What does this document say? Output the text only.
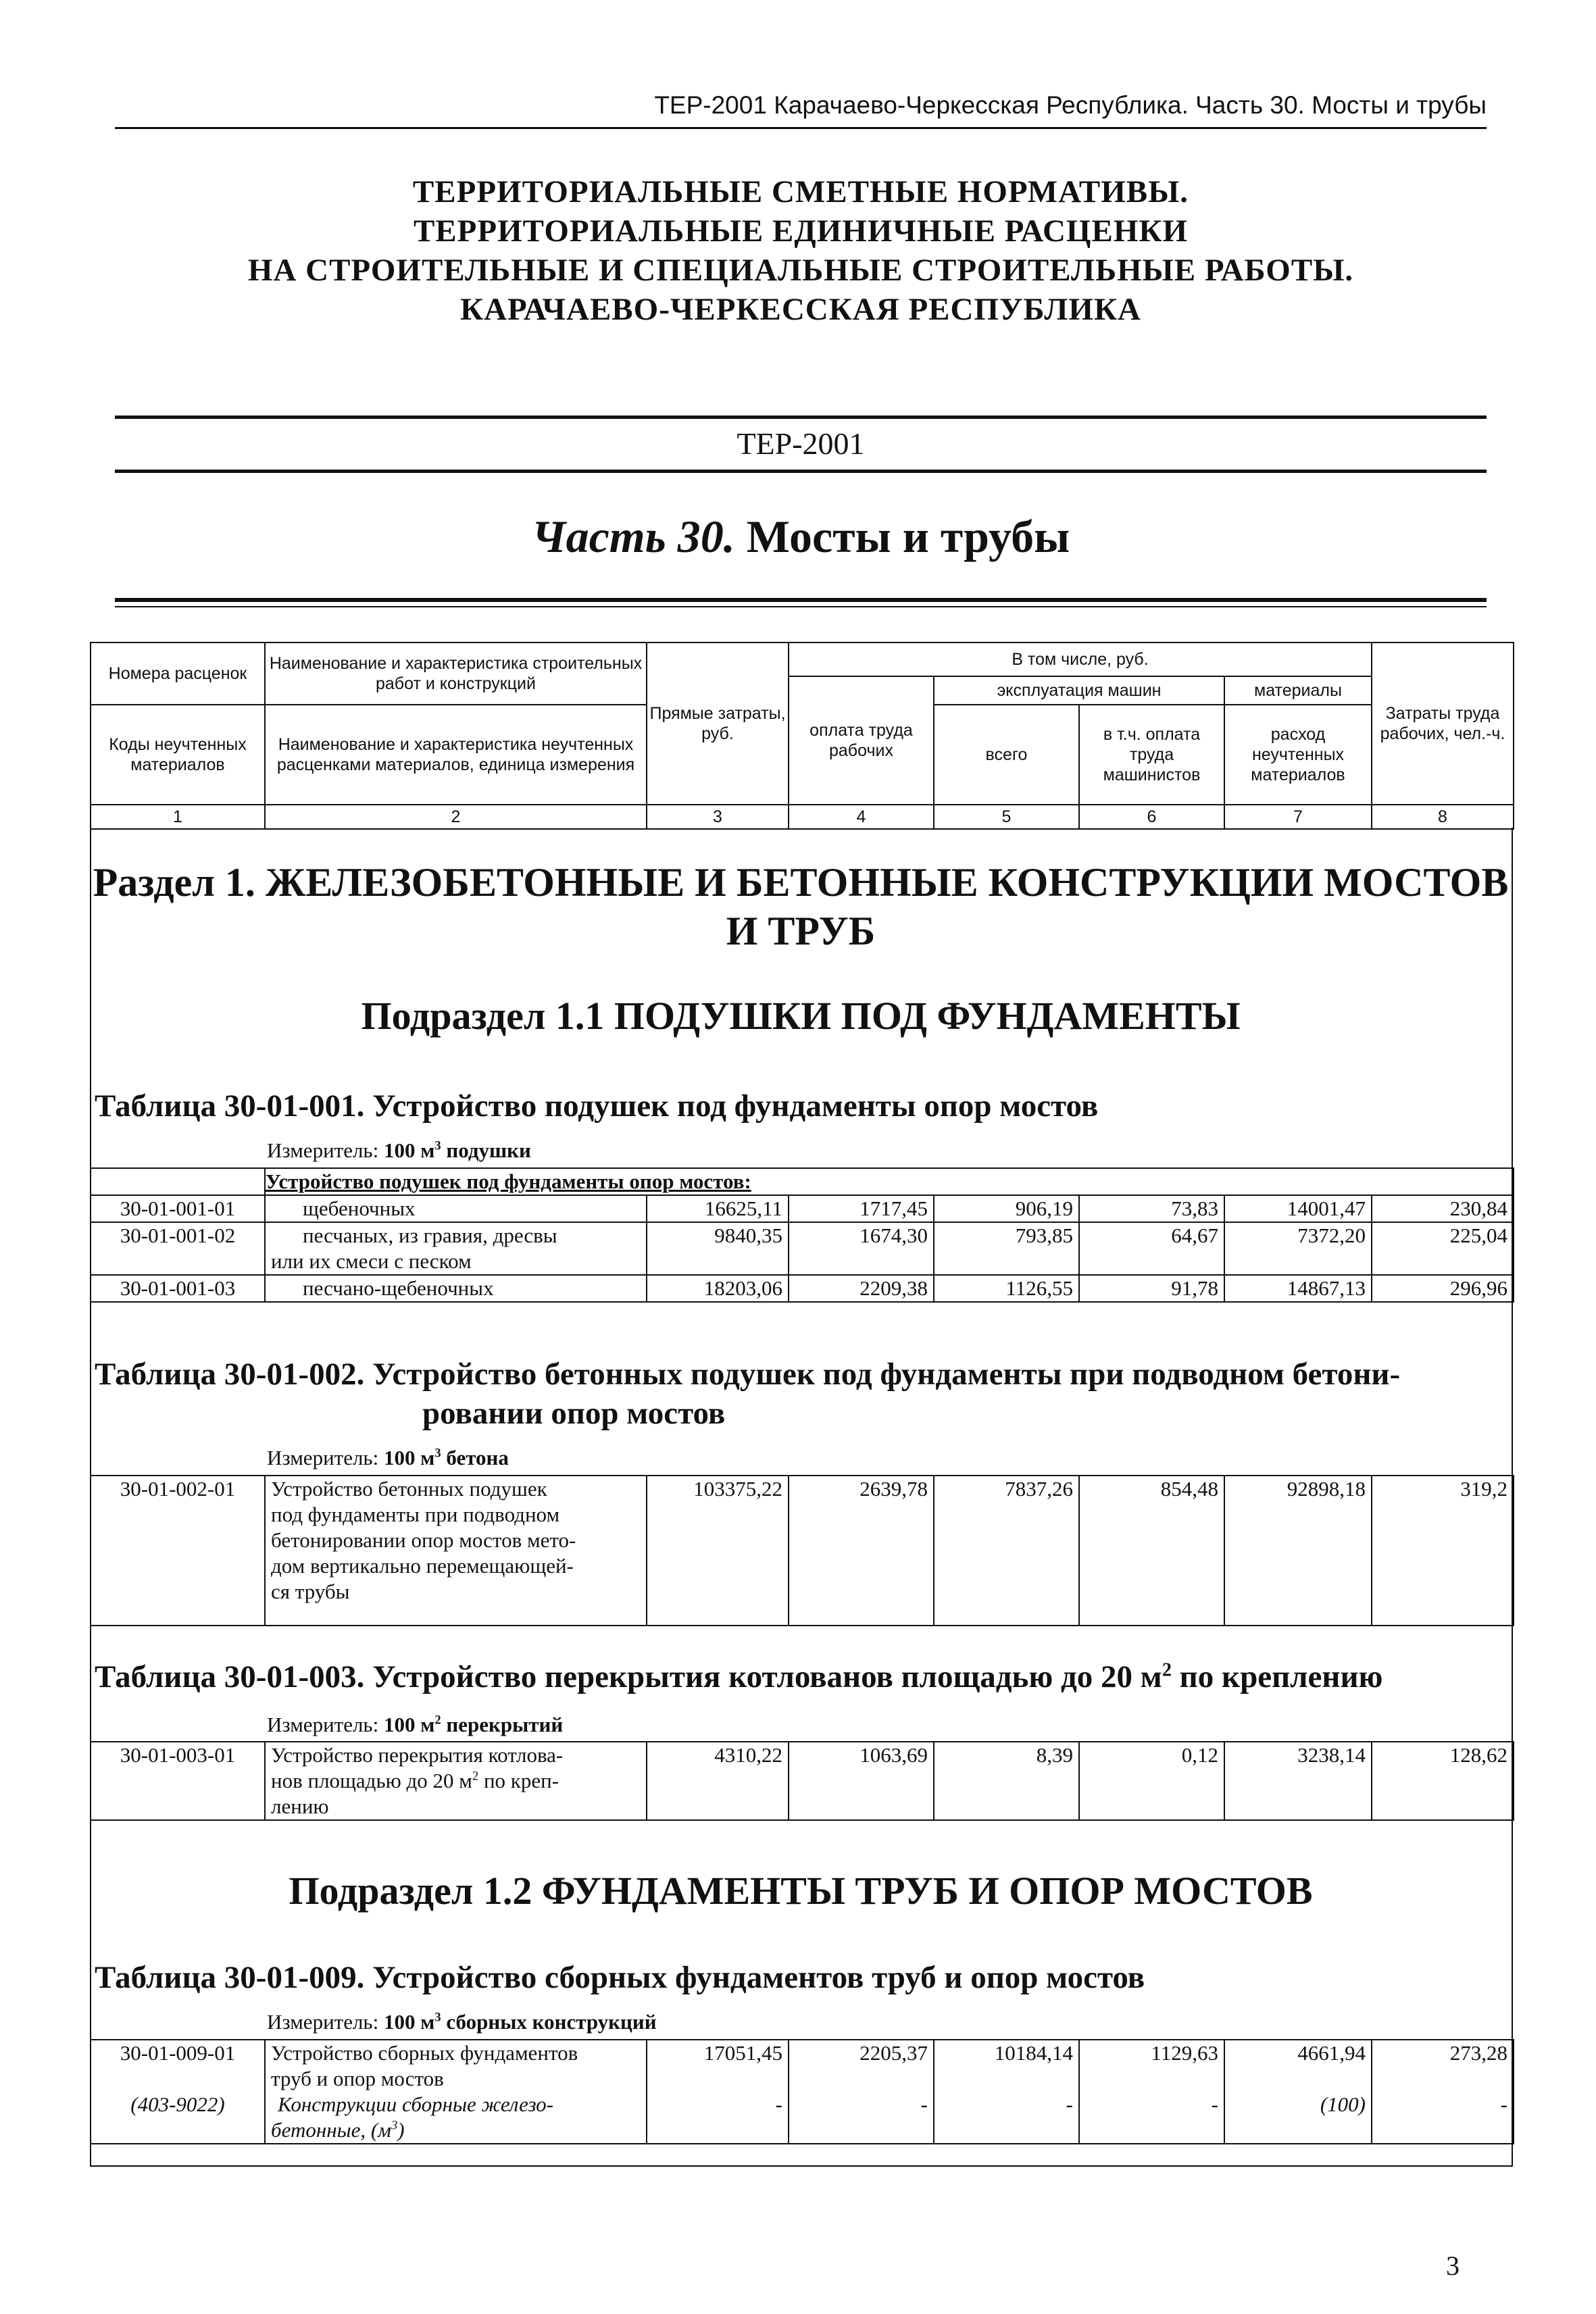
ТЕР-2001 Карачаево-Черкесская Республика. Часть 30. Мосты и трубы
ТЕРРИТОРИАЛЬНЫЕ СМЕТНЫЕ НОРМАТИВЫ.
ТЕРРИТОРИАЛЬНЫЕ ЕДИНИЧНЫЕ РАСЦЕНКИ
НА СТРОИТЕЛЬНЫЕ И СПЕЦИАЛЬНЫЕ СТРОИТЕЛЬНЫЕ РАБОТЫ.
КАРАЧАЕВО-ЧЕРКЕССКАЯ РЕСПУБЛИКА
ТЕР-2001
Часть 30. Мосты и трубы
Номера расценок	Наименование и характеристика строительных работ и конструкций	Прямые затраты, руб.	В том числе, руб.				Затраты труда рабочих, чел.-ч.
			оплата труда рабочих	эксплуатация машин		материалы	
Коды неучтенных материалов	Наименование и характеристика неучтенных расценками материалов, единица измерения			всего	в т.ч. оплата труда машинистов	расход неучтенных материалов	

1	2	3	4	5	6	7	8
Раздел 1. ЖЕЛЕЗОБЕТОННЫЕ И БЕТОННЫЕ КОНСТРУКЦИИ МОСТОВ
И ТРУБ
Подраздел 1.1 ПОДУШКИ ПОД ФУНДАМЕНТЫ
Таблица 30-01-001. Устройство подушек под фундаменты опор мостов
Измеритель: 100 $м^3$ подушки
	Устройство подушек под фундаменты опор мостов:						
30-01-001-01	щебеночных	16625,11	1717,45	906,19	73,83	14001,47	230,84
30-01-001-02	песчаных, из гравия, дресвы
или их смеси с песком	9840,35	1674,30	793,85	64,67	7372,20	225,04
30-01-001-03	песчано-щебеночных	18203,06	2209,38	1126,55	91,78	14867,13	296,96
Таблица 30-01-002. Устройство бетонных подушек под фундаменты при подводном бетони-
ровании опор мостов
Измеритель: 100 $м^3$ бетона
30-01-002-01	Устройство бетонных подушек
под фундаменты при подводном
бетонировании опор мостов мето-
дом вертикально перемещающей-
ся трубы
	103375,22	2639,78	7837,26	854,48	92898,18	319,2
Таблица 30-01-003. Устройство перекрытия котлованов площадью до 20 $м^2$ по креплению
Измеритель: 100 $м^2$ перекрытий
30-01-003-01	Устройство перекрытия котлова-
нов площадью до 20 $м^2$ по креп-
лению
	4310,22	1063,69	8,39	0,12	3238,14	128,62
Подраздел 1.2 ФУНДАМЕНТЫ ТРУБ И ОПОР МОСТОВ
Таблица 30-01-009. Устройство сборных фундаментов труб и опор мостов
Измеритель: 100 $м^3$ сборных конструкций
30-01-009-01	Устройство сборных фундаментов
труб и опор мостов	17051,45	2205,37	10184,14	1129,63	4661,94	273,28
(403-9022)	Конструкции сборные железо-
бетонные, $(м^3)$	-	-	-	-	(100)	-
3
